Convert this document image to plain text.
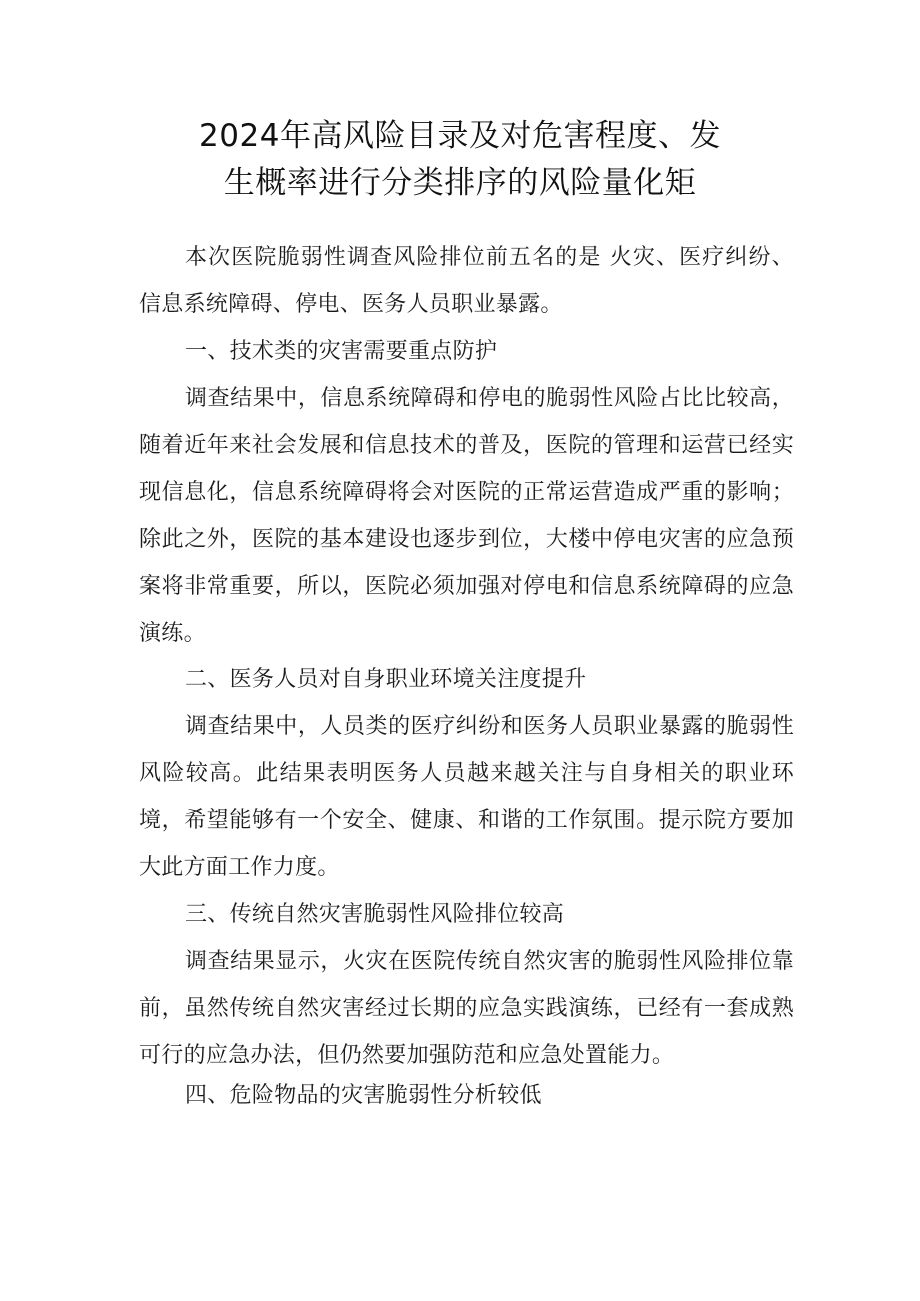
2024年高风险目录及对危害程度、发
生概率进行分类排序的风险量化矩

本次医院脆弱性调查风险排位前五名的是 火灾、医疗纠纷、信息系统障碍、停电、医务人员职业暴露。

一、技术类的灾害需要重点防护

调查结果中，信息系统障碍和停电的脆弱性风险占比比较高，随着近年来社会发展和信息技术的普及，医院的管理和运营已经实现信息化，信息系统障碍将会对医院的正常运营造成严重的影响；除此之外，医院的基本建设也逐步到位，大楼中停电灾害的应急预案将非常重要，所以，医院必须加强对停电和信息系统障碍的应急演练。

二、医务人员对自身职业环境关注度提升

调查结果中，人员类的医疗纠纷和医务人员职业暴露的脆弱性风险较高。此结果表明医务人员越来越关注与自身相关的职业环境，希望能够有一个安全、健康、和谐的工作氛围。提示院方要加大此方面工作力度。

三、传统自然灾害脆弱性风险排位较高

调查结果显示，火灾在医院传统自然灾害的脆弱性风险排位靠前，虽然传统自然灾害经过长期的应急实践演练，已经有一套成熟可行的应急办法，但仍然要加强防范和应急处置能力。

四、危险物品的灾害脆弱性分析较低
